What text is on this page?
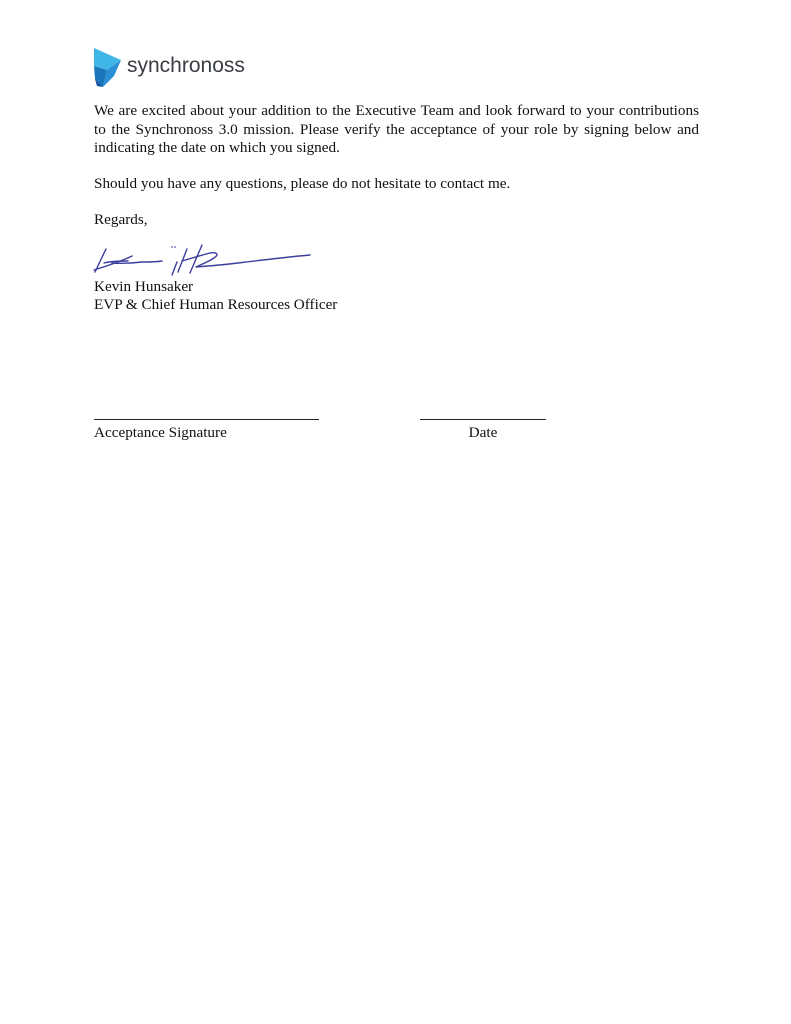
synchronoss

We are excited about your addition to the Executive Team and look forward to your contributions to the Synchronoss 3.0 mission. Please verify the acceptance of your role by signing below and indicating the date on which you signed.

Should you have any questions, please do not hesitate to contact me.

Regards,

Kevin Hunsaker

EVP & Chief Human Resources Officer

Acceptance Signature	Date
